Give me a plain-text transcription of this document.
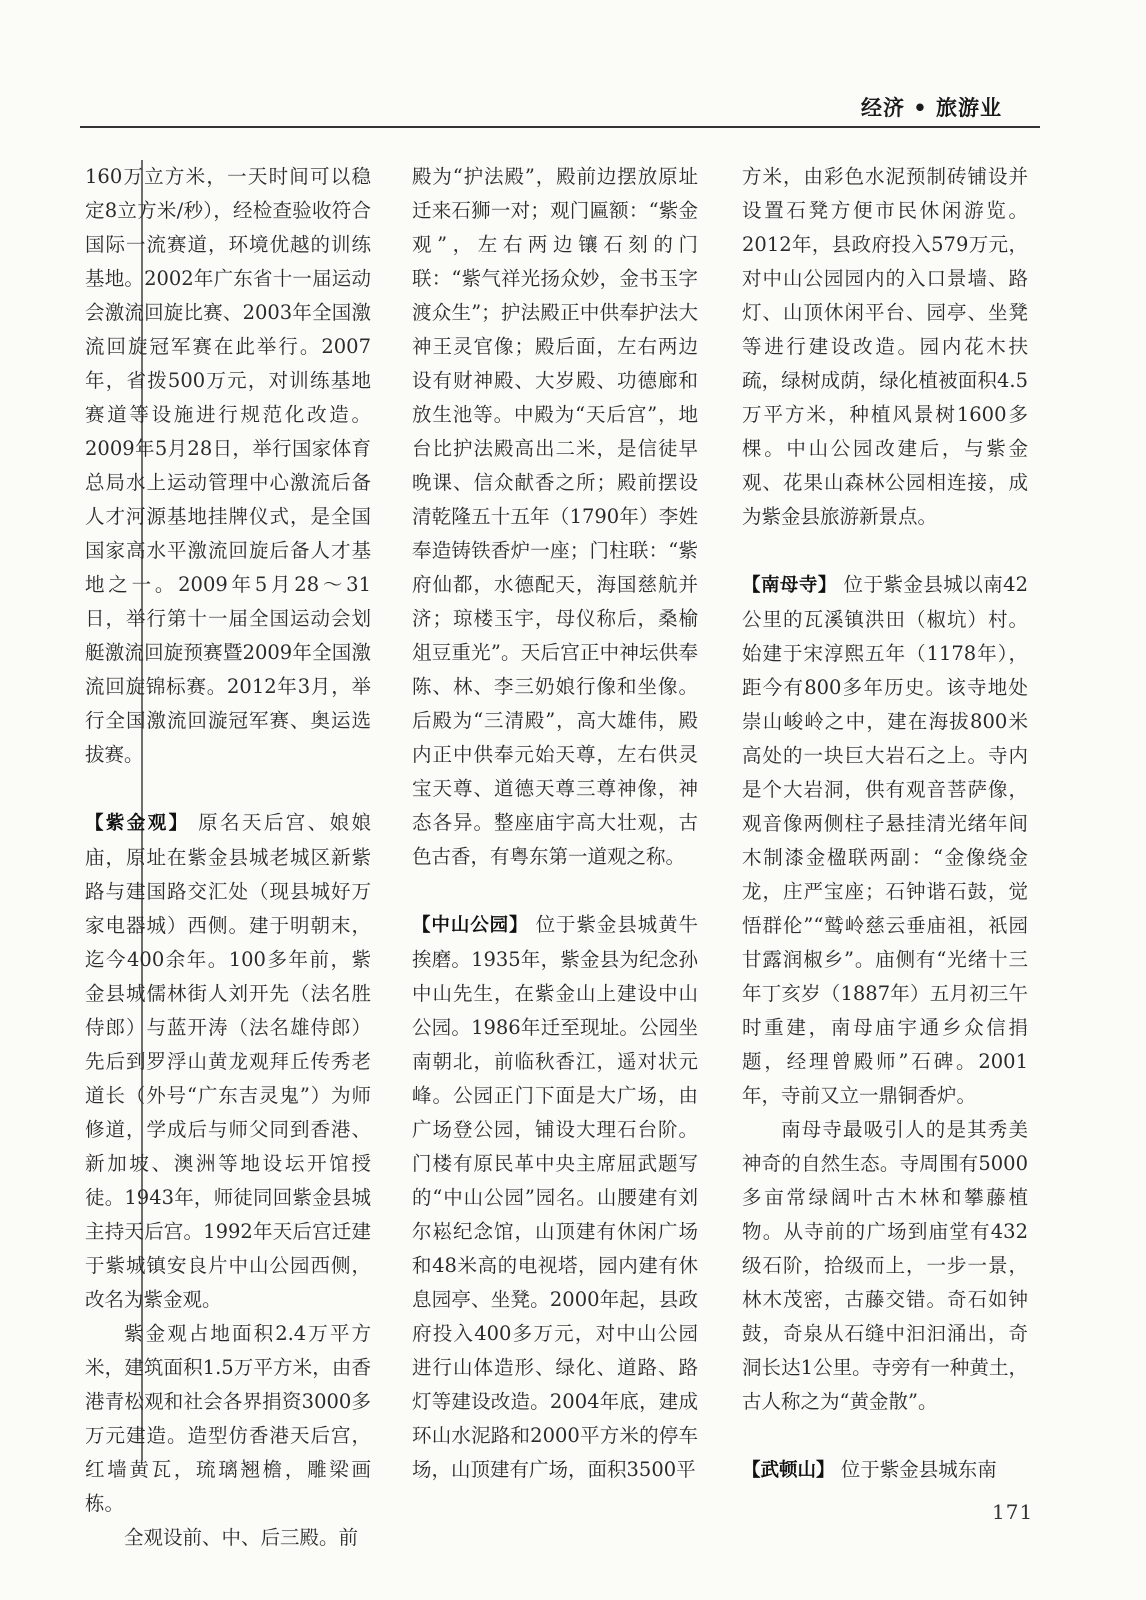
经济 • 旅游业

160万立方米，一天时间可以稳定8立方米/秒），经检查验收符合国际一流赛道，环境优越的训练基地。2002年广东省十一届运动会激流回旋比赛、2003年全国激流回旋冠军赛在此举行。2007年，省拨500万元，对训练基地赛道等设施进行规范化改造。2009年5月28日，举行国家体育总局水上运动管理中心激流后备人才河源基地挂牌仪式，是全国国家高水平激流回旋后备人才基地之一。2009年5月28～31日，举行第十一届全国运动会划艇激流回旋预赛暨2009年全国激流回旋锦标赛。2012年3月，举行全国激流回漩冠军赛、奥运选拔赛。

【紫金观】 原名天后宫、娘娘庙，原址在紫金县城老城区新紫路与建国路交汇处（现县城好万家电器城）西侧。建于明朝末，迄今400余年。100多年前，紫金县城儒林街人刘开先（法名胜侍郎）与蓝开涛（法名雄侍郎）先后到罗浮山黄龙观拜丘传秀老道长（外号“广东吉灵鬼”）为师修道，学成后与师父同到香港、新加坡、澳洲等地设坛开馆授徒。1943年，师徒同回紫金县城主持天后宫。1992年天后宫迁建于紫城镇安良片中山公园西侧，改名为紫金观。

紫金观占地面积2.4万平方米，建筑面积1.5万平方米，由香港青松观和社会各界捐资3000多万元建造。造型仿香港天后宫，红墙黄瓦，琉璃翘檐，雕梁画栋。

全观设前、中、后三殿。前

殿为“护法殿”，殿前边摆放原址迁来石狮一对；观门匾额：“紫金观”，左右两边镶石刻的门联：“紫气祥光扬众妙，金书玉字渡众生”；护法殿正中供奉护法大神王灵官像；殿后面，左右两边设有财神殿、大岁殿、功德廊和放生池等。中殿为“天后宫”，地台比护法殿高出二米，是信徒早晚课、信众献香之所；殿前摆设清乾隆五十五年（1790年）李姓奉造铸铁香炉一座；门柱联：“紫府仙都，水德配天，海国慈航并济；琼楼玉宇，母仪称后，桑榆俎豆重光”。天后宫正中神坛供奉陈、林、李三奶娘行像和坐像。后殿为“三清殿”，高大雄伟，殿内正中供奉元始天尊，左右供灵宝天尊、道德天尊三尊神像，神态各异。整座庙宇高大壮观，古色古香，有粤东第一道观之称。

【中山公园】 位于紫金县城黄牛挨磨。1935年，紫金县为纪念孙中山先生，在紫金山上建设中山公园。1986年迁至现址。公园坐南朝北，前临秋香江，遥对状元峰。公园正门下面是大广场，由广场登公园，铺设大理石台阶。门楼有原民革中央主席屈武题写的“中山公园”园名。山腰建有刘尔崧纪念馆，山顶建有休闲广场和48米高的电视塔，园内建有休息园亭、坐凳。2000年起，县政府投入400多万元，对中山公园进行山体造形、绿化、道路、路灯等建设改造。2004年底，建成环山水泥路和2000平方米的停车场，山顶建有广场，面积3500平

方米，由彩色水泥预制砖铺设并设置石凳方便市民休闲游览。2012年，县政府投入579万元，对中山公园园内的入口景墙、路灯、山顶休闲平台、园亭、坐凳等进行建设改造。园内花木扶疏，绿树成荫，绿化植被面积4.5万平方米，种植风景树1600多棵。中山公园改建后，与紫金观、花果山森林公园相连接，成为紫金县旅游新景点。

【南母寺】 位于紫金县城以南42公里的瓦溪镇洪田（椒坑）村。始建于宋淳熙五年（1178年），距今有800多年历史。该寺地处崇山峻岭之中，建在海拔800米高处的一块巨大岩石之上。寺内是个大岩洞，供有观音菩萨像，观音像两侧柱子悬挂清光绪年间木制漆金楹联两副：“金像绕金龙，庄严宝座；石钟谐石鼓，觉悟群伦”“鹫岭慈云垂庙祖，祇园甘露润椒乡”。庙侧有“光绪十三年丁亥岁（1887年）五月初三午时重建，南母庙宇通乡众信捐题，经理曾殿师”石碑。2001年，寺前又立一鼎铜香炉。

南母寺最吸引人的是其秀美神奇的自然生态。寺周围有5000多亩常绿阔叶古木林和攀藤植物。从寺前的广场到庙堂有432级石阶，拾级而上，一步一景，林木茂密，古藤交错。奇石如钟鼓，奇泉从石缝中汩汩涌出，奇洞长达1公里。寺旁有一种黄土，古人称之为“黄金散”。

【武顿山】 位于紫金县城东南

171
